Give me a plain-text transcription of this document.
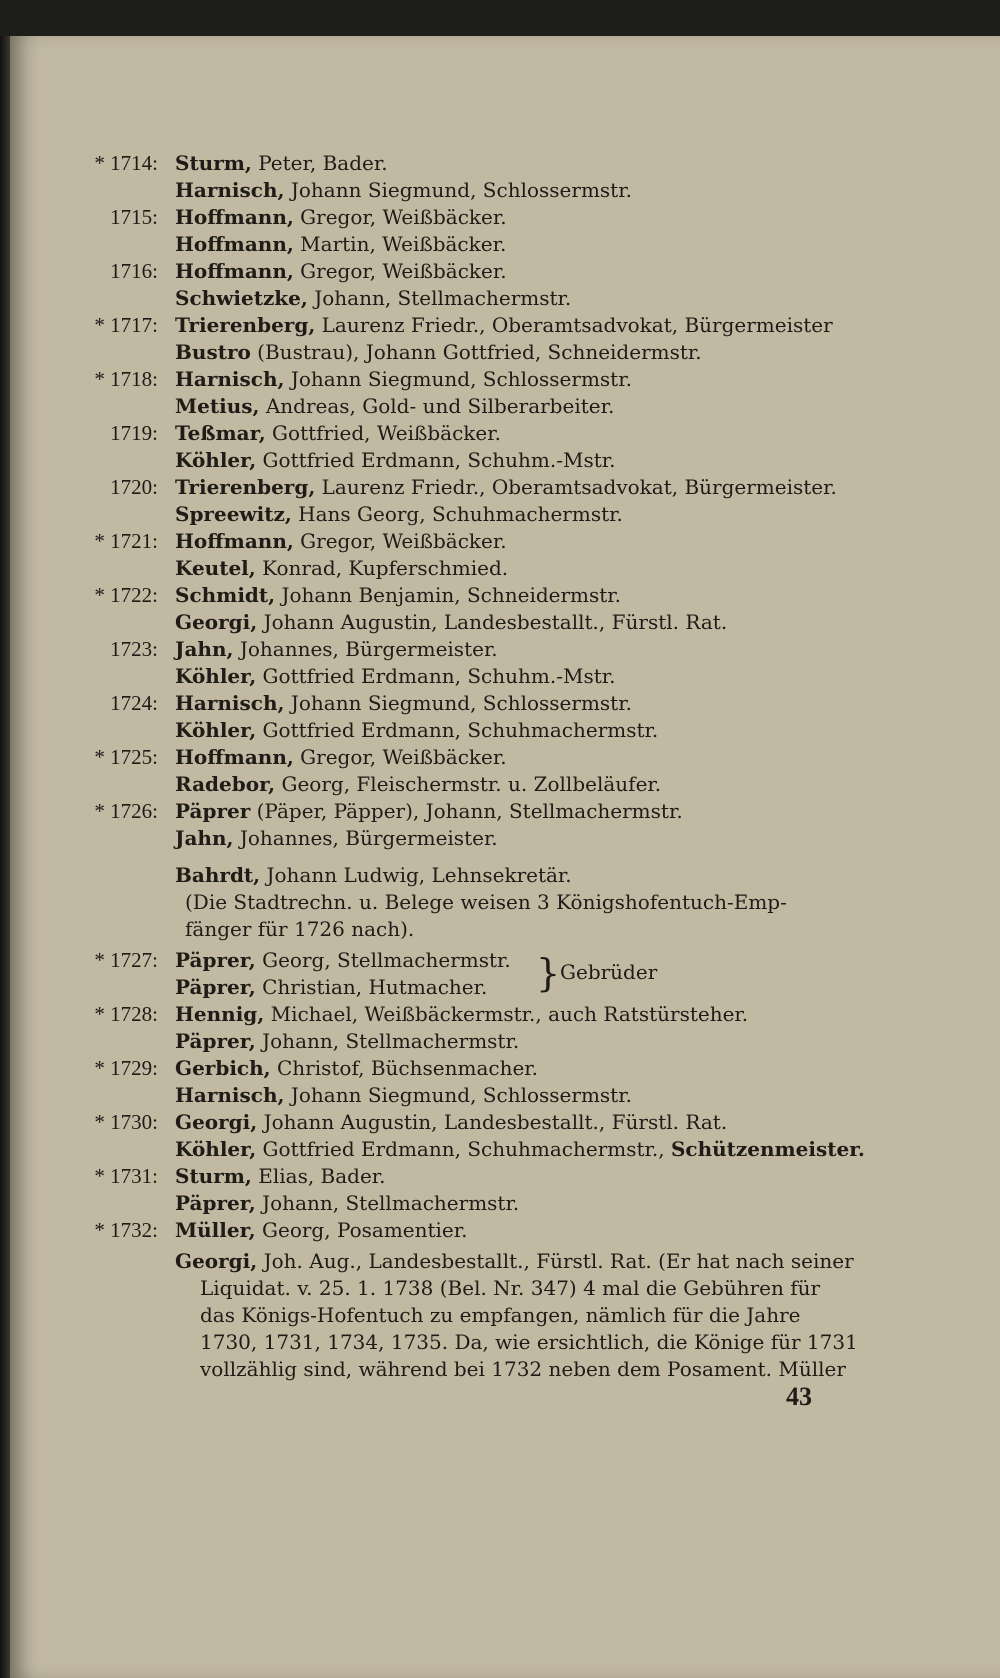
* 1714: Sturm, Peter, Bader.
Harnisch, Johann Siegmund, Schlossermstr.
1715: Hoffmann, Gregor, Weißbäcker.
Hoffmann, Martin, Weißbäcker.
1716: Hoffmann, Gregor, Weißbäcker.
Schwietzke, Johann, Stellmachermstr.
* 1717: Trierenberg, Laurenz Friedr., Oberamtsadvokat, Bürgermeister
Bustro (Bustrau), Johann Gottfried, Schneidermstr.
* 1718: Harnisch, Johann Siegmund, Schlossermstr.
Metius, Andreas, Gold- und Silberarbeiter.
1719: Teßmar, Gottfried, Weißbäcker.
Köhler, Gottfried Erdmann, Schuhm.-Mstr.
1720: Trierenberg, Laurenz Friedr., Oberamtsadvokat, Bürgermeister.
Spreewitz, Hans Georg, Schuhmachermstr.
* 1721: Hoffmann, Gregor, Weißbäcker.
Keutel, Konrad, Kupferschmied.
* 1722: Schmidt, Johann Benjamin, Schneidermstr.
Georgi, Johann Augustin, Landesbestallt., Fürstl. Rat.
1723: Jahn, Johannes, Bürgermeister.
Köhler, Gottfried Erdmann, Schuhm.-Mstr.
1724: Harnisch, Johann Siegmund, Schlossermstr.
Köhler, Gottfried Erdmann, Schuhmachermstr.
* 1725: Hoffmann, Gregor, Weißbäcker.
Radebor, Georg, Fleischermstr. u. Zollbeläufer.
* 1726: Päprer (Päper, Päpper), Johann, Stellmachermstr.
Jahn, Johannes, Bürgermeister.
Bahrdt, Johann Ludwig, Lehnsekretär.
(Die Stadtrechn. u. Belege weisen 3 Königshofentuch-Emp-
fänger für 1726 nach).
* 1727: Päprer, Georg, Stellmachermstr.
Päprer, Christian, Hutmacher. } Gebrüder
* 1728: Hennig, Michael, Weißbäckermstr., auch Ratstürsteher.
Päprer, Johann, Stellmachermstr.
* 1729: Gerbich, Christof, Büchsenmacher.
Harnisch, Johann Siegmund, Schlossermstr.
* 1730: Georgi, Johann Augustin, Landesbestallt., Fürstl. Rat.
Köhler, Gottfried Erdmann, Schuhmachermstr., Schützenmeister.
* 1731: Sturm, Elias, Bader.
Päprer, Johann, Stellmachermstr.
* 1732: Müller, Georg, Posamentier.
Georgi, Joh. Aug., Landesbestallt., Fürstl. Rat. (Er hat nach seiner
Liquidat. v. 25. 1. 1738 (Bel. Nr. 347) 4 mal die Gebühren für
das Königs-Hofentuch zu empfangen, nämlich für die Jahre
1730, 1731, 1734, 1735. Da, wie ersichtlich, die Könige für 1731
vollzählig sind, während bei 1732 neben dem Posament. Müller
43
